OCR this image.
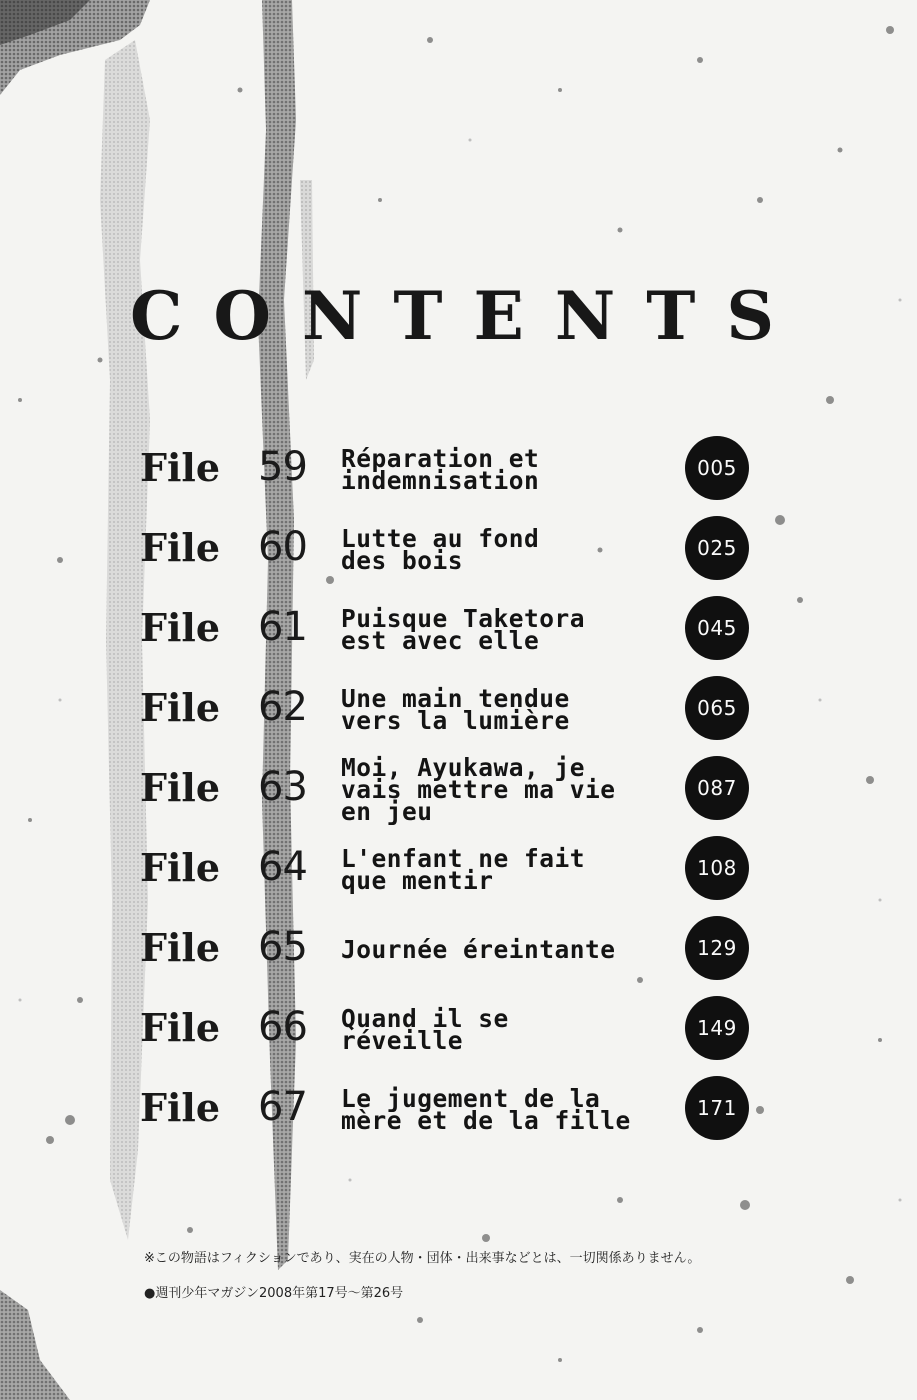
CONTENTS
File 59	Réparation et
indemnisation	005
File 60	Lutte au fond
des bois	025
File 61	Puisque Taketora
est avec elle	045
File 62	Une main tendue
vers la lumière	065
File 63	Moi, Ayukawa, je
vais mettre ma vie
en jeu
087
File 64	L'enfant ne fait
que mentir	108
File 65	Journée éreintante	129
File 66	Quand il se
réveille	149
File 67	Le jugement de la
mère et de la fille	171
※この物語はフィクションであり、実在の人物・団体・出来事などとは、一切関係ありません。
●週刊少年マガジン2008年第17号〜第26号
